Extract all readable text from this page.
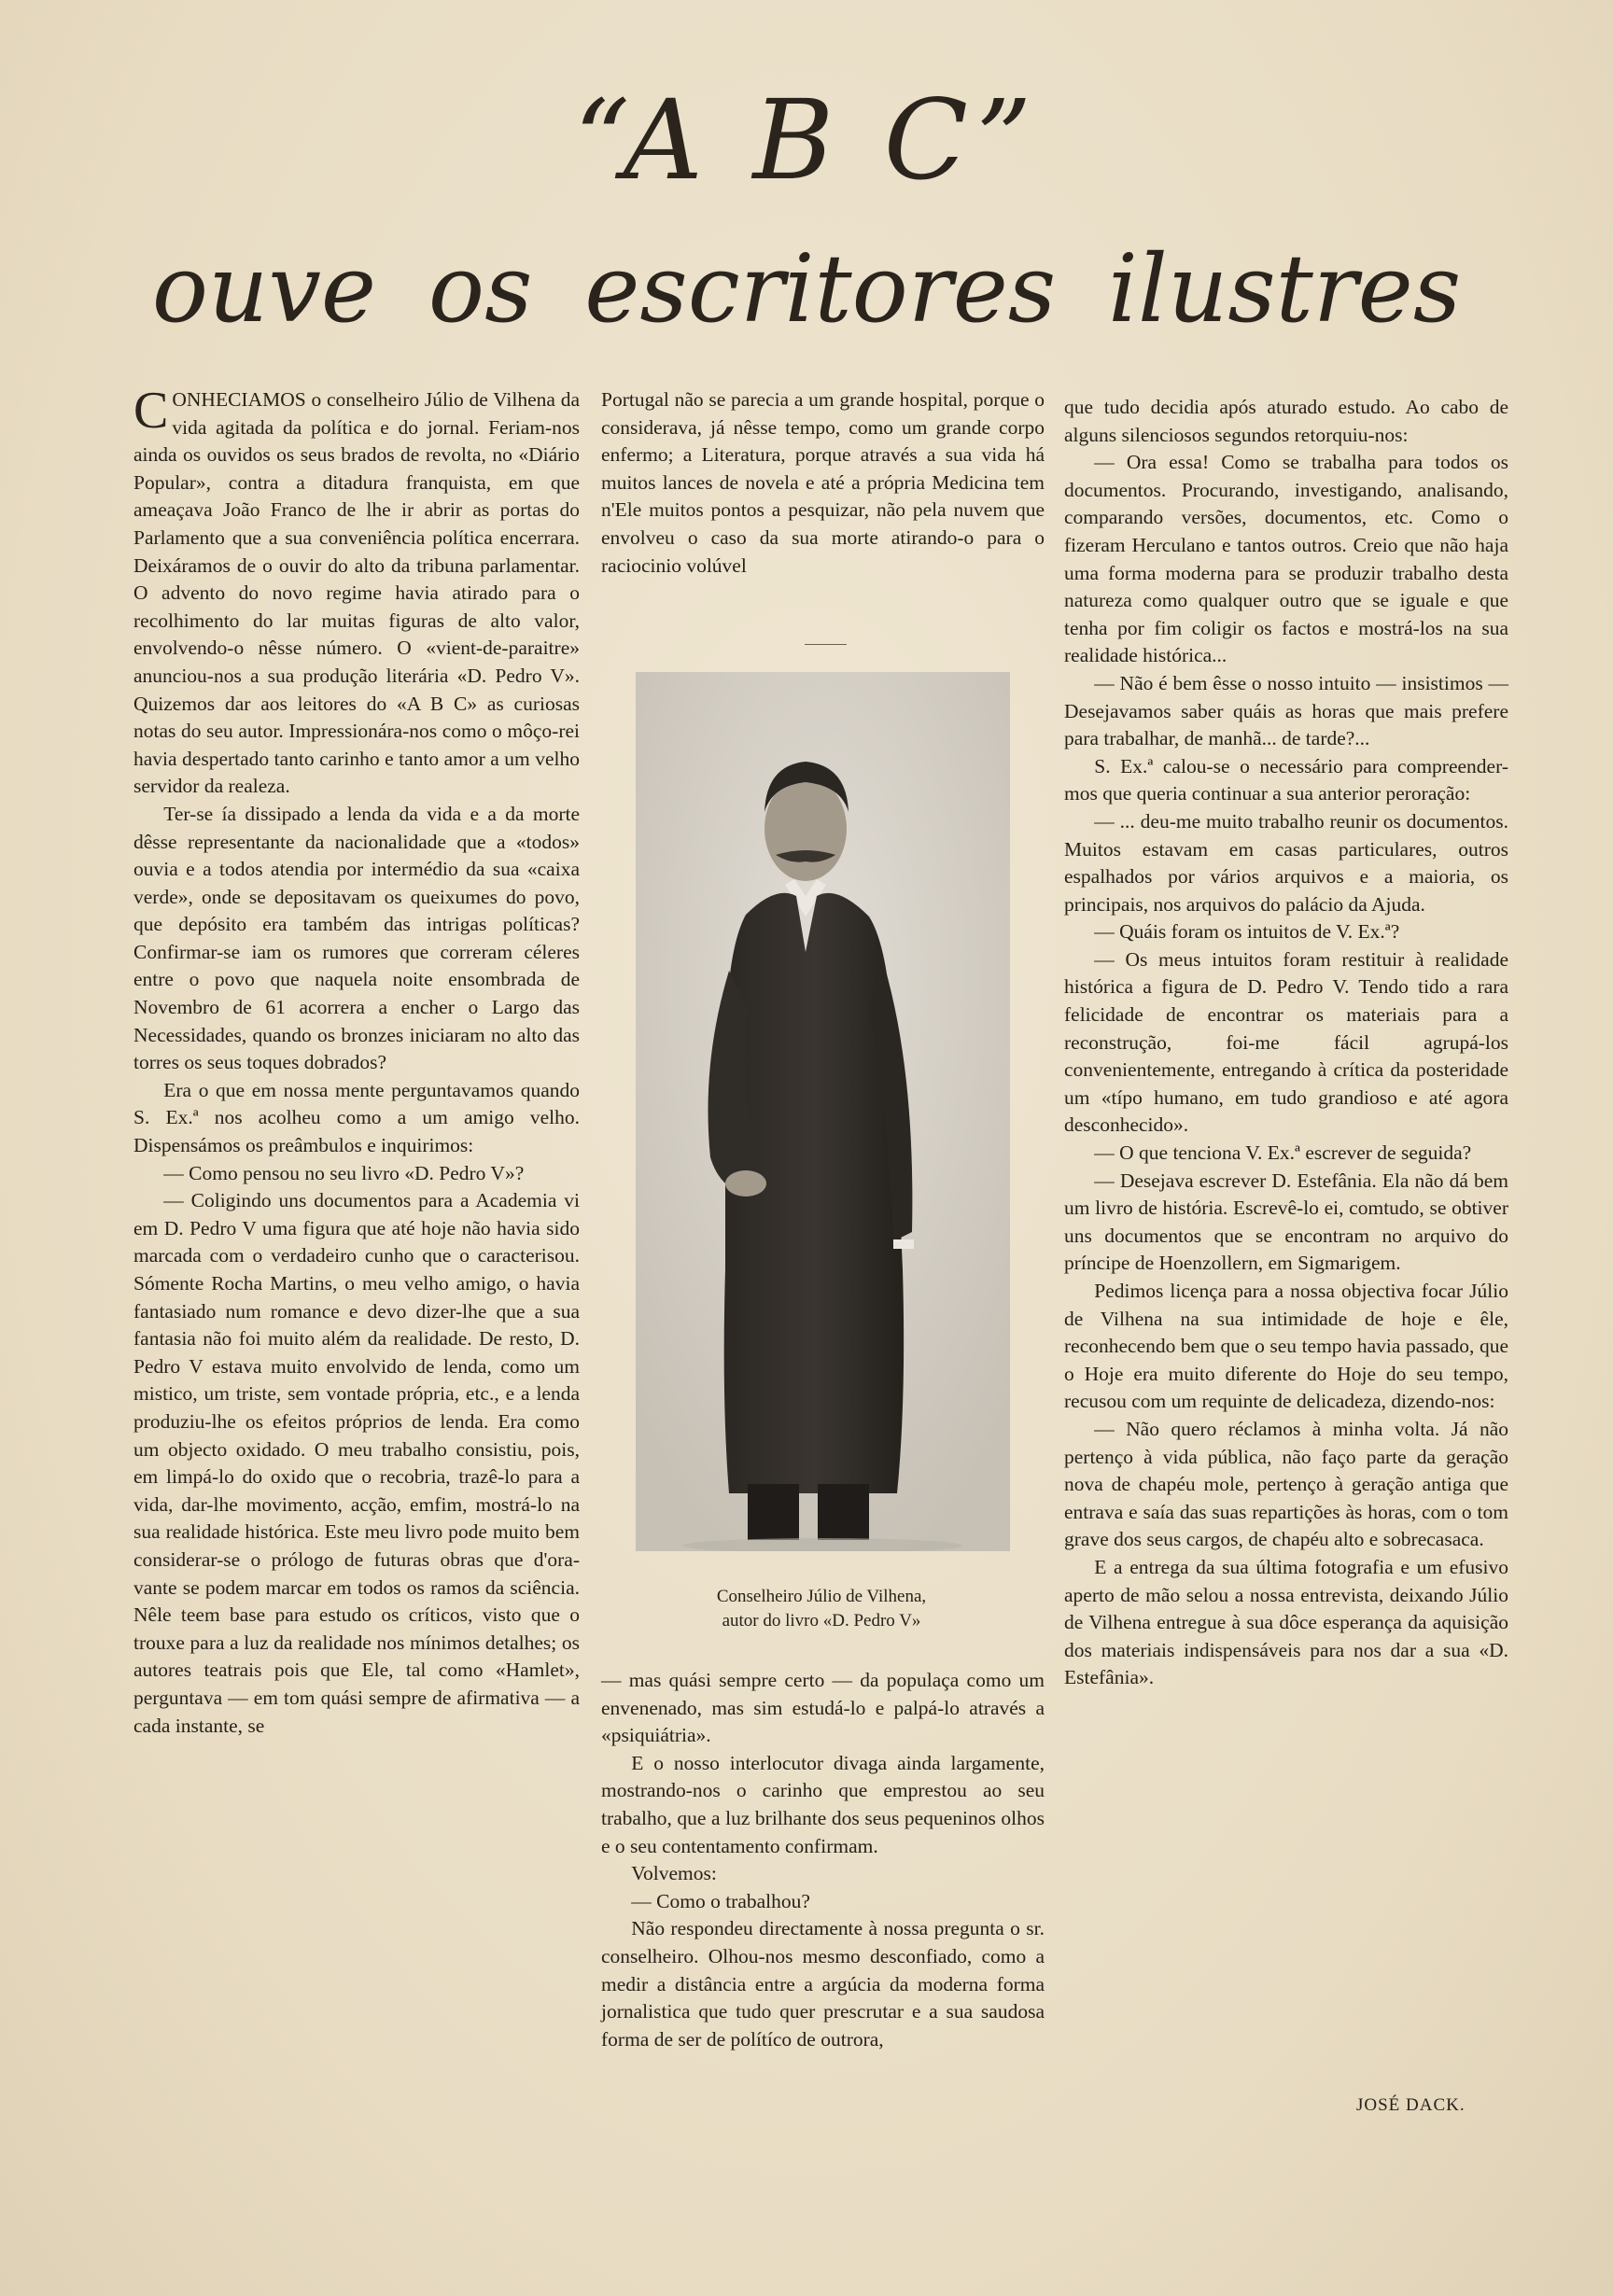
“A B C”
ouve os escritores ilustres

CONHECIAMOS o conselheiro Júlio de Vilhena da vida agitada da política e do jornal. Feriam-nos ainda os ouvidos os seus brados de revolta, no «Diário Popular», contra a ditadura franquista, em que ameaçava João Franco de lhe ir abrir as portas do Parlamento que a sua conveniência política encerrara. Deixáramos de o ouvir do alto da tribuna parlamentar. O advento do novo regime havia atirado para o recolhimento do lar muitas figuras de alto valor, envolvendo-o nêsse número. O «vient-de-paraitre» anunciou-nos a sua produção literária «D. Pedro V». Quizemos dar aos leitores do «A B C» as curiosas notas do seu autor. Impressionára-nos como o môço-rei havia despertado tanto carinho e tanto amor a um velho servidor da realeza.

Ter-se ía dissipado a lenda da vida e a da morte dêsse representante da nacionalidade que a «todos» ouvia e a todos atendia por intermédio da sua «caixa verde», onde se depositavam os queixumes do povo, que depósito era também das intrigas políticas? Confirmar-se iam os rumores que correram céleres entre o povo que naquela noite ensombrada de Novembro de 61 acorrera a encher o Largo das Necessidades, quando os bronzes iniciaram no alto das torres os seus toques dobrados?

Era o que em nossa mente perguntavamos quando S. Ex.ª nos acolheu como a um amigo velho. Dispensámos os preâmbulos e inquirimos:

— Como pensou no seu livro «D. Pedro V»?

— Coligindo uns documentos para a Academia vi em D. Pedro V uma figura que até hoje não havia sido marcada com o verdadeiro cunho que o caracterisou. Sómente Rocha Martins, o meu velho amigo, o havia fantasiado num romance e devo dizer-lhe que a sua fantasia não foi muito além da realidade. De resto, D. Pedro V estava muito envolvido de lenda, como um mistico, um triste, sem vontade própria, etc., e a lenda produziu-lhe os efeitos próprios de lenda. Era como um objecto oxidado. O meu trabalho consistiu, pois, em limpá-lo do oxido que o recobria, trazê-lo para a vida, dar-lhe movimento, acção, emfim, mostrá-lo na sua realidade histórica. Este meu livro pode muito bem considerar-se o prólogo de futuras obras que d'ora-vante se podem marcar em todos os ramos da sciência. Nêle teem base para estudo os críticos, visto que o trouxe para a luz da realidade nos mínimos detalhes; os autores teatrais pois que Ele, tal como «Hamlet», perguntava — em tom quási sempre de afirmativa — a cada instante, se

Portugal não se parecia a um grande hospital, porque o considerava, já nêsse tempo, como um grande corpo enfermo; a Literatura, porque através a sua vida há muitos lances de novela e até a própria Medicina tem n'Ele muitos pontos a pesquizar, não pela nuvem que envolveu o caso da sua morte atirando-o para o raciocinio volúvel

Conselheiro Júlio de Vilhena,
autor do livro «D. Pedro V»

— mas quási sempre certo — da populaça como um envenenado, mas sim estudá-lo e palpá-lo através a «psiquiátria».

E o nosso interlocutor divaga ainda largamente, mostrando-nos o carinho que emprestou ao seu trabalho, que a luz brilhante dos seus pequeninos olhos e o seu contentamento confirmam.

Volvemos:

— Como o trabalhou?

Não respondeu directamente à nossa pregunta o sr. conselheiro. Olhou-nos mesmo desconfiado, como a medir a distância entre a argúcia da moderna forma jornalistica que tudo quer prescrutar e a sua saudosa forma de ser de polítíco de outrora,

que tudo decidia após aturado estudo. Ao cabo de alguns silenciosos segundos retorquiu-nos:

— Ora essa! Como se trabalha para todos os documentos. Procurando, investigando, analisando, comparando versões, documentos, etc. Como o fizeram Herculano e tantos outros. Creio que não haja uma forma moderna para se produzir trabalho desta natureza como qualquer outro que se iguale e que tenha por fim coligir os factos e mostrá-los na sua realidade histórica...

— Não é bem êsse o nosso intuito — insistimos — Desejavamos saber quáis as horas que mais prefere para trabalhar, de manhã... de tarde?...

S. Ex.ª calou-se o necessário para compreender-mos que queria continuar a sua anterior peroração:

— ... deu-me muito trabalho reunir os documentos. Muitos estavam em casas particulares, outros espalhados por vários arquivos e a maioria, os principais, nos arquivos do palácio da Ajuda.

— Quáis foram os intuitos de V. Ex.ª?

— Os meus intuitos foram restituir à realidade histórica a figura de D. Pedro V. Tendo tido a rara felicidade de encontrar os materiais para a reconstrução, foi-me fácil agrupá-los convenientemente, entregando à crítica da posteridade um «típo humano, em tudo grandioso e até agora desconhecido».

— O que tenciona V. Ex.ª escrever de seguida?

— Desejava escrever D. Estefânia. Ela não dá bem um livro de história. Escrevê-lo ei, comtudo, se obtiver uns documentos que se encontram no arquivo do príncipe de Hoenzollern, em Sigmarigem.

Pedimos licença para a nossa objectiva focar Júlio de Vilhena na sua intimidade de hoje e êle, reconhecendo bem que o seu tempo havia passado, que o Hoje era muito diferente do Hoje do seu tempo, recusou com um requinte de delicadeza, dizendo-nos:

— Não quero réclamos à minha volta. Já não pertenço à vida pública, não faço parte da geração nova de chapéu mole, pertenço à geração antiga que entrava e saía das suas repartições às horas, com o tom grave dos seus cargos, de chapéu alto e sobrecasaca.

E a entrega da sua última fotografia e um efusivo aperto de mão selou a nossa entrevista, deixando Júlio de Vilhena entregue à sua dôce esperança da aquisição dos materiais indispensáveis para nos dar a sua «D. Estefânia».

JOSÉ DACK.
